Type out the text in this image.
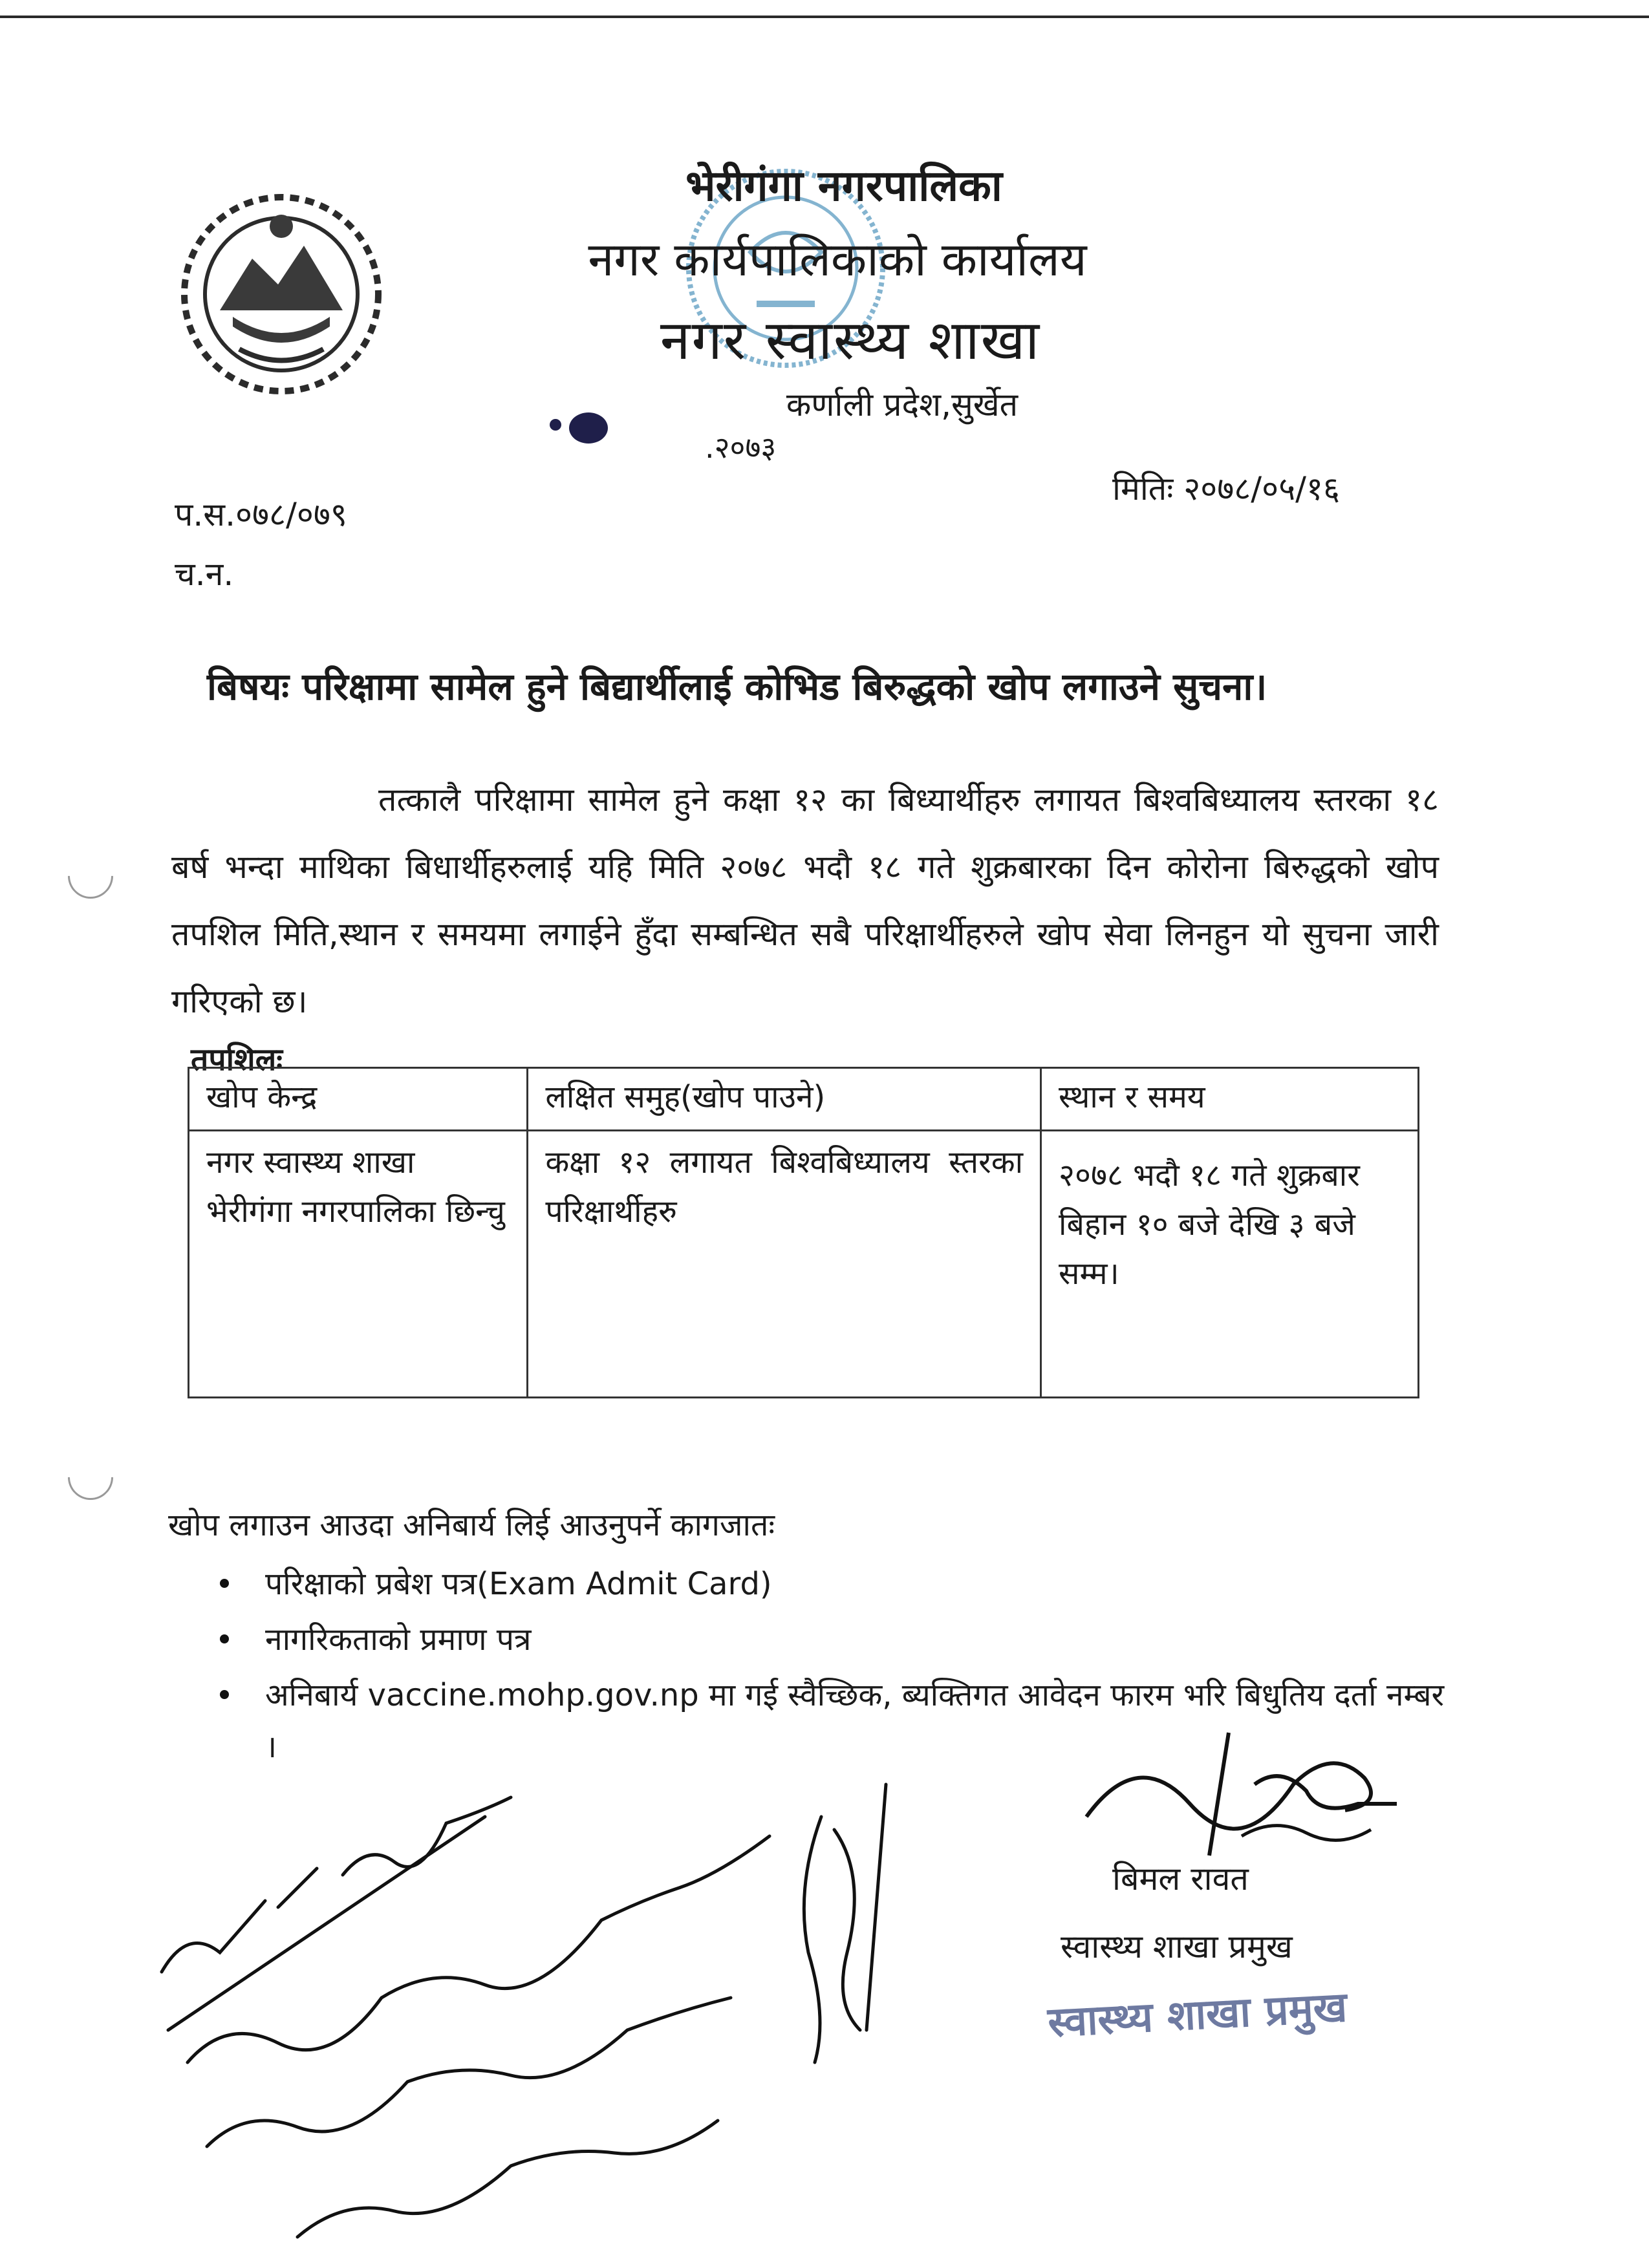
भेरीगंगा नगरपालिका
नगर कार्यपालिकाको कार्यालय
नगर स्वास्थ्य शाखा
कर्णाली प्रदेश,सुर्खेत
.२०७३
प.स.०७८/०७९
च.न.
मितिः २०७८/०५/१६
बिषयः परिक्षामा सामेल हुने बिद्यार्थीलाई कोभिड बिरुद्धको खोप लगाउने सुचना।
तत्कालै परिक्षामा सामेल हुने कक्षा १२ का बिध्यार्थीहरु लगायत बिश्वबिध्यालय स्तरका १८ बर्ष भन्दा माथिका बिधार्थीहरुलाई यहि मिति २०७८ भदौ १८ गते शुक्रबारका दिन कोरोना बिरुद्धको खोप तपशिल मिति,स्थान र समयमा लगाईने हुँदा सम्बन्धित सबै परिक्षार्थीहरुले खोप सेवा लिनहुन यो सुचना जारी गरिएको छ।
तपशिलः
खोप केन्द्र	लक्षित समुह(खोप पाउने)	स्थान र समय
नगर स्वास्थ्य शाखा भेरीगंगा नगरपालिका छिन्चु	कक्षा १२ लगायत बिश्वबिध्यालय स्तरका परिक्षार्थीहरु	२०७८ भदौ १८ गते शुक्रबार
बिहान १० बजे देखि ३ बजे सम्म।
खोप लगाउन आउदा अनिबार्य लिई आउनुपर्ने कागजातः
परिक्षाको प्रबेश पत्र(Exam Admit Card)
नागरिकताको प्रमाण पत्र
अनिबार्य vaccine.mohp.gov.np मा गई स्वैच्छिक, ब्यक्तिगत आवेदन फारम भरि बिधुतिय दर्ता नम्बर ।
बिमल रावत
स्वास्थ्य शाखा प्रमुख
स्वास्थ्य शाखा प्रमुख
